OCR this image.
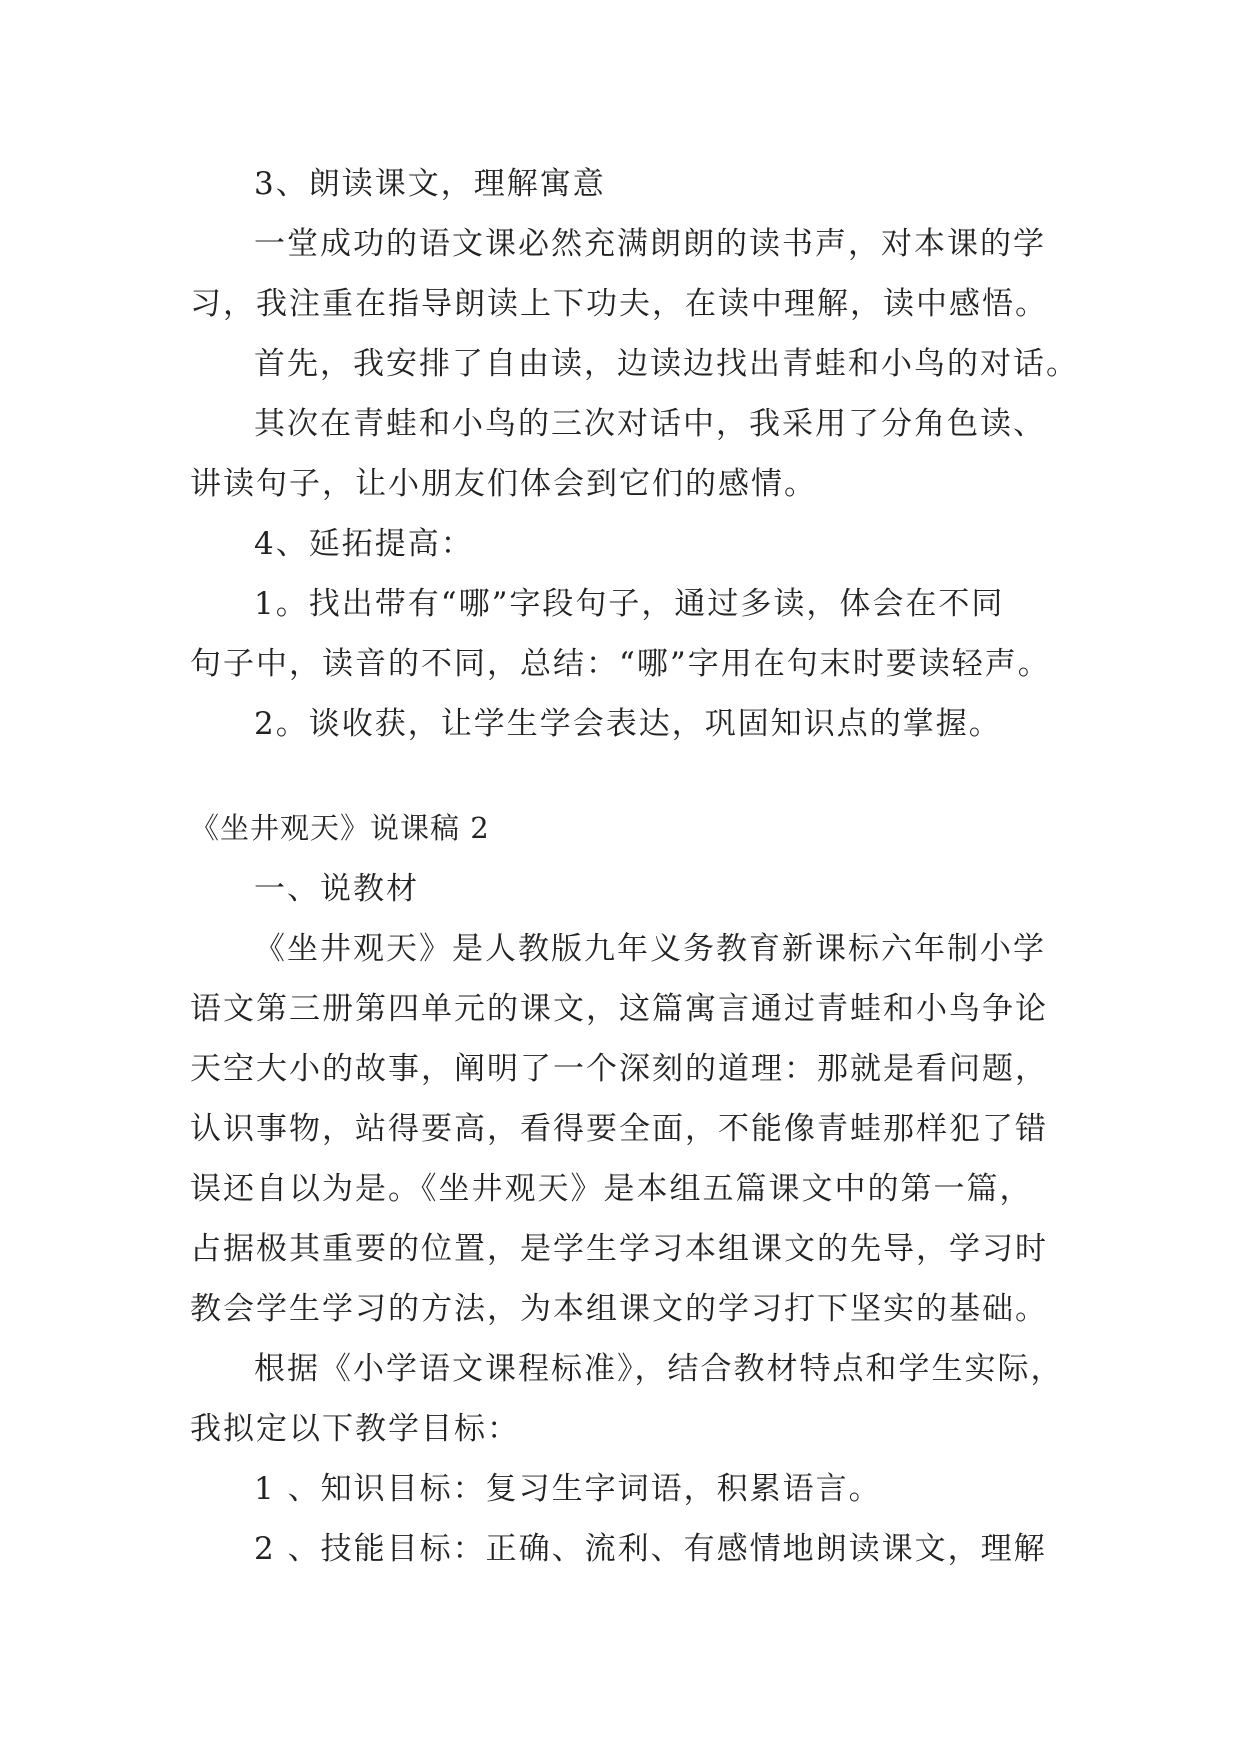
3、朗读课文，理解寓意
一堂成功的语文课必然充满朗朗的读书声，对本课的学
习，我注重在指导朗读上下功夫，在读中理解，读中感悟。
首先，我安排了自由读，边读边找出青蛙和小鸟的对话。
其次在青蛙和小鸟的三次对话中，我采用了分角色读、
讲读句子，让小朋友们体会到它们的感情。
4、延拓提高：
1。找出带有“哪”字段句子，通过多读，体会在不同
句子中，读音的不同，总结：“哪”字用在句末时要读轻声。
2。谈收获，让学生学会表达，巩固知识点的掌握。
《坐井观天》说课稿 2
一、说教材
《坐井观天》是人教版九年义务教育新课标六年制小学
语文第三册第四单元的课文，这篇寓言通过青蛙和小鸟争论
天空大小的故事，阐明了一个深刻的道理：那就是看问题，
认识事物，站得要高，看得要全面，不能像青蛙那样犯了错
误还自以为是。《坐井观天》是本组五篇课文中的第一篇，
占据极其重要的位置，是学生学习本组课文的先导，学习时
教会学生学习的方法，为本组课文的学习打下坚实的基础。
根据《小学语文课程标准》，结合教材特点和学生实际，
我拟定以下教学目标：
1 、知识目标：复习生字词语，积累语言。
2 、技能目标：正确、流利、有感情地朗读课文，理解
